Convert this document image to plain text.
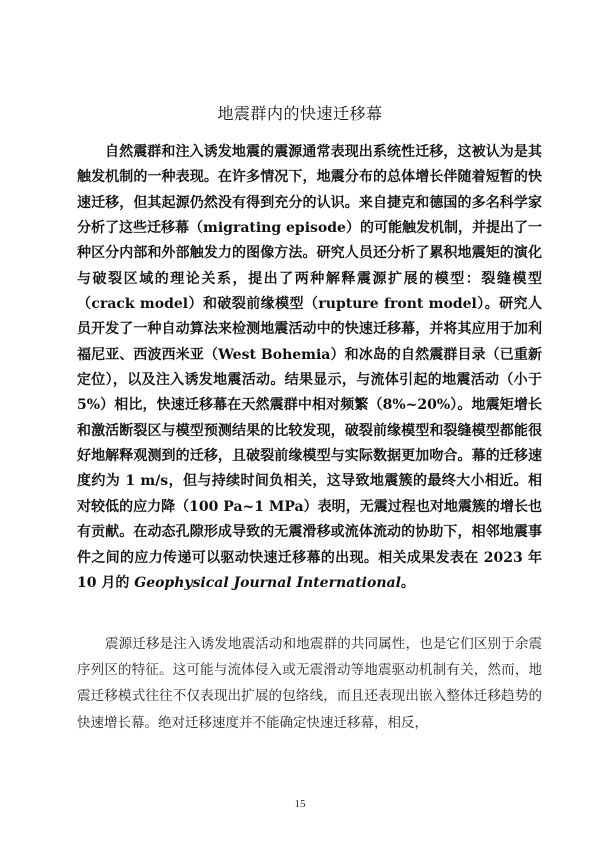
地震群内的快速迁移幕

自然震群和注入诱发地震的震源通常表现出系统性迁移，这被认为是其触发机制的一种表现。在许多情况下，地震分布的总体增长伴随着短暂的快速迁移，但其起源仍然没有得到充分的认识。来自捷克和德国的多名科学家分析了这些迁移幕（migrating episode）的可能触发机制，并提出了一种区分内部和外部触发力的图像方法。研究人员还分析了累积地震矩的演化与破裂区域的理论关系，提出了两种解释震源扩展的模型：裂缝模型（crack model）和破裂前缘模型（rupture front model）。研究人员开发了一种自动算法来检测地震活动中的快速迁移幕，并将其应用于加利福尼亚、西波西米亚（West Bohemia）和冰岛的自然震群目录（已重新定位），以及注入诱发地震活动。结果显示，与流体引起的地震活动（小于 5%）相比，快速迁移幕在天然震群中相对频繁（8%~20%）。地震矩增长和激活断裂区与模型预测结果的比较发现，破裂前缘模型和裂缝模型都能很好地解释观测到的迁移，且破裂前缘模型与实际数据更加吻合。幕的迁移速度约为 1 m/s，但与持续时间负相关，这导致地震簇的最终大小相近。相对较低的应力降（100 Pa~1 MPa）表明，无震过程也对地震簇的增长也有贡献。在动态孔隙形成导致的无震滑移或流体流动的协助下，相邻地震事件之间的应力传递可以驱动快速迁移幕的出现。相关成果发表在 2023 年 10 月的 Geophysical Journal International。

震源迁移是注入诱发地震活动和地震群的共同属性，也是它们区别于余震序列区的特征。这可能与流体侵入或无震滑动等地震驱动机制有关，然而，地震迁移模式往往不仅表现出扩展的包络线，而且还表现出嵌入整体迁移趋势的快速增长幕。绝对迁移速度并不能确定快速迁移幕，相反，

15
